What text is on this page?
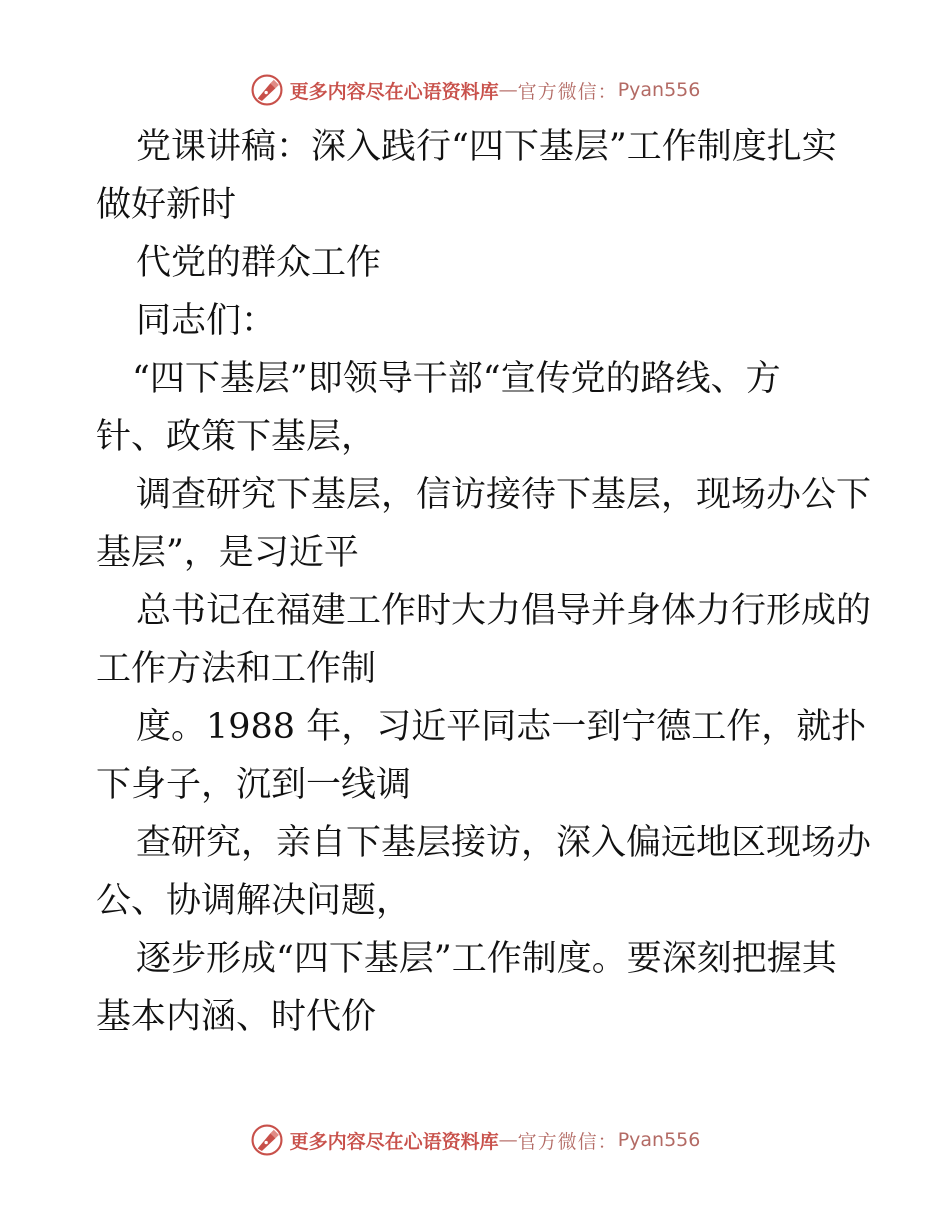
更多内容尽在心语资料库 — 官方微信： Pyan556
党课讲稿：深入践行“四下基层”工作制度扎实
做好新时
代党的群众工作
同志们：
“四下基层”即领导干部“宣传党的路线、方
针、政策下基层，
调查研究下基层，信访接待下基层，现场办公下
基层”，是习近平
总书记在福建工作时大力倡导并身体力行形成的
工作方法和工作制
度。1988 年，习近平同志一到宁德工作，就扑
下身子，沉到一线调
查研究，亲自下基层接访，深入偏远地区现场办
公、协调解决问题，
逐步形成“四下基层”工作制度。要深刻把握其
基本内涵、时代价
更多内容尽在心语资料库 — 官方微信： Pyan556
